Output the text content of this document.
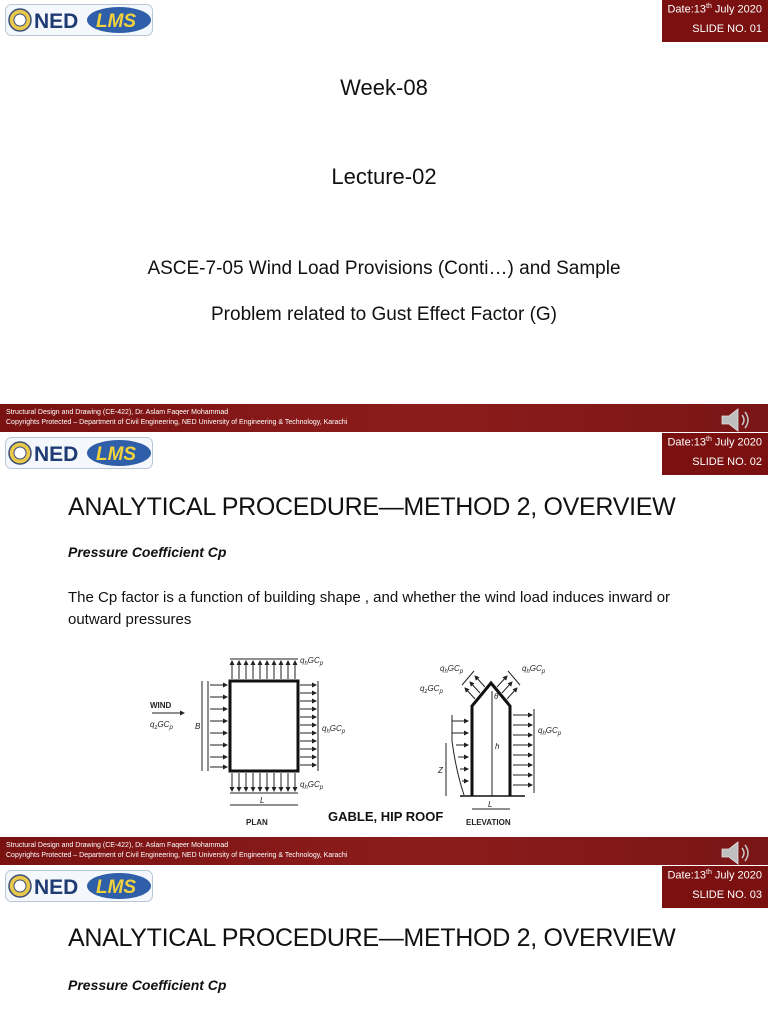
NED LMS
Date:13th July 2020
SLIDE NO. 01
Week-08
Lecture-02
ASCE-7-05 Wind Load Provisions (Conti…) and Sample
Problem related to Gust Effect Factor (G)
Structural Design and Drawing (CE-422), Dr. Aslam Faqeer Mohammad
Copyrights Protected – Department of Civil Engineering, NED University of Engineering & Technology, Karachi
NED LMS
Date:13th July 2020
SLIDE NO. 02
ANALYTICAL PROCEDURE—METHOD 2, OVERVIEW
Pressure Coefficient Cp
The Cp factor is a function of building shape , and whether the wind load induces inward or outward pressures
WIND
$q_zGC_p$	B
L
$q_hGC_p$
$q_hGC_p$
$q_hGC_p$
PLAN
$q_hGC_p$	$q_hGC_p$
$q_zGC_p$
$q_hGC_p$
θ
h
Z
L
ELEVATION
GABLE, HIP ROOF
Structural Design and Drawing (CE-422), Dr. Aslam Faqeer Mohammad
Copyrights Protected – Department of Civil Engineering, NED University of Engineering & Technology, Karachi
NED LMS
Date:13th July 2020
SLIDE NO. 03
ANALYTICAL PROCEDURE—METHOD 2, OVERVIEW
Pressure Coefficient Cp
